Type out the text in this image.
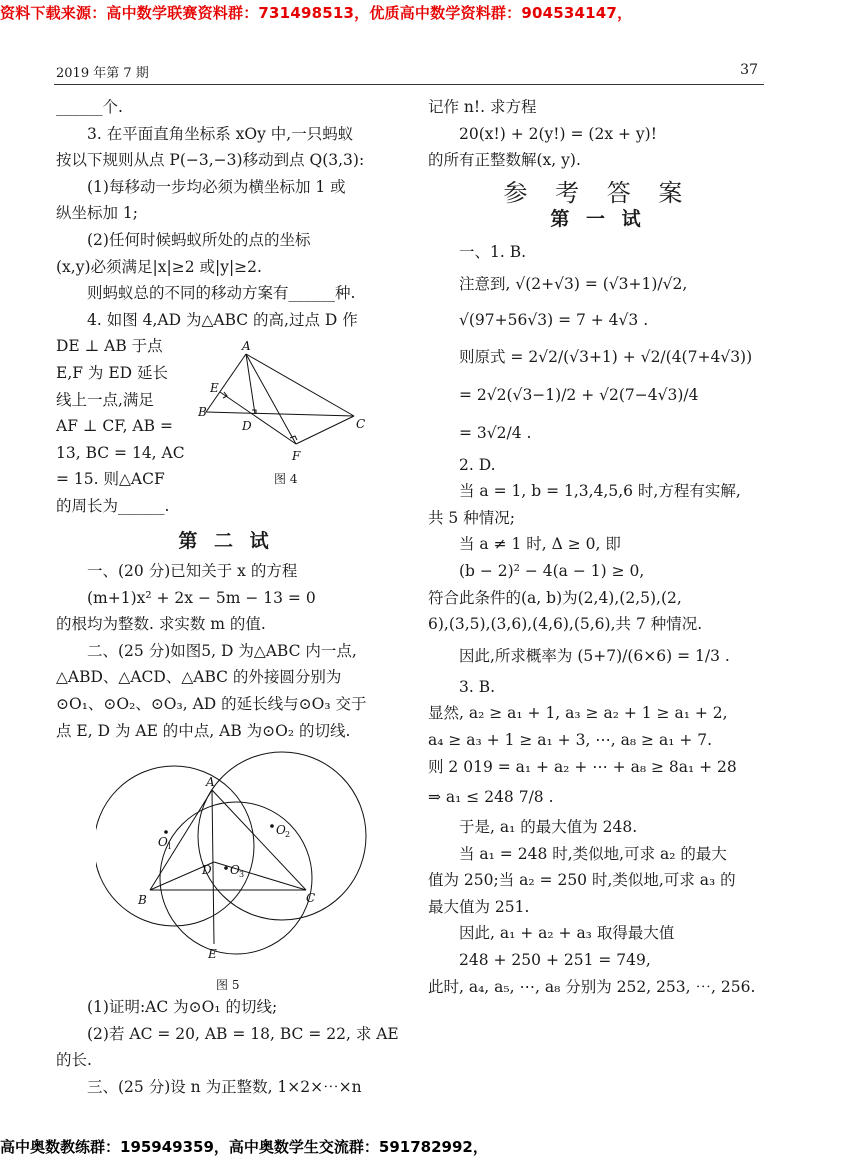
资料下载来源：高中数学联赛资料群：731498513，优质高中数学资料群：904534147，
2019 年第 7 期	37

______个.

3. 在平面直角坐标系 xOy 中,一只蚂蚁

按以下规则从点 P(−3,−3)移动到点 Q(3,3):

(1)每移动一步均必须为横坐标加 1 或

纵坐标加 1;

(2)任何时候蚂蚁所处的点的坐标

(x,y)必须满足|x|≥2 或|y|≥2.

则蚂蚁总的不同的移动方案有______种.

4. 如图 4,AD 为△ABC 的高,过点 D 作

DE ⊥ AB 于点

E,F 为 ED 延长

线上一点,满足

AF ⊥ CF, AB =

13, BC = 14, AC

= 15. 则△ACF

的周长为______.

第 二 试

一、(20 分)已知关于 x 的方程

(m+1)x² + 2x − 5m − 13 = 0

的根均为整数. 求实数 m 的值.

二、(25 分)如图5, D 为△ABC 内一点,

△ABD、△ACD、△ABC 的外接圆分别为

⊙O₁、⊙O₂、⊙O₃, AD 的延长线与⊙O₃ 交于

点 E, D 为 AE 的中点, AB 为⊙O₂ 的切线.

A
B
C
D
E
F
图 4
A
B	C
D
E
O 1
O 2
O 3
图 5

(1)证明:AC 为⊙O₁ 的切线;

(2)若 AC = 20, AB = 18, BC = 22, 求 AE

的长.

三、(25 分)设 n 为正整数, 1×2×⋯×n

记作 n!. 求方程

20(x!) + 2(y!) = (2x + y)!

的所有正整数解(x, y).

参 考 答 案

第 一 试

一、1. B.

注意到, √(2+√3) = (√3+1)/√2,

√(97+56√3) = 7 + 4√3 .

则原式 = 2√2/(√3+1) + √2/(4(7+4√3))

= 2√2(√3−1)/2 + √2(7−4√3)/4

= 3√2/4 .

2. D.

当 a = 1, b = 1,3,4,5,6 时,方程有实解,

共 5 种情况;

当 a ≠ 1 时, Δ ≥ 0, 即

(b − 2)² − 4(a − 1) ≥ 0,

符合此条件的(a, b)为(2,4),(2,5),(2,

6),(3,5),(3,6),(4,6),(5,6),共 7 种情况.

因此,所求概率为 (5+7)/(6×6) = 1/3 .

3. B.

显然, a₂ ≥ a₁ + 1, a₃ ≥ a₂ + 1 ≥ a₁ + 2,

a₄ ≥ a₃ + 1 ≥ a₁ + 3, ⋯, a₈ ≥ a₁ + 7.

则 2 019 = a₁ + a₂ + ⋯ + a₈ ≥ 8a₁ + 28

⇒ a₁ ≤ 248 7/8 .

于是, a₁ 的最大值为 248.

当 a₁ = 248 时,类似地,可求 a₂ 的最大

值为 250;当 a₂ = 250 时,类似地,可求 a₃ 的

最大值为 251.

因此, a₁ + a₂ + a₃ 取得最大值

248 + 250 + 251 = 749,

此时, a₄, a₅, ⋯, a₈ 分别为 252, 253, ⋯, 256.

高中奥数教练群：195949359，高中奥数学生交流群：591782992，
